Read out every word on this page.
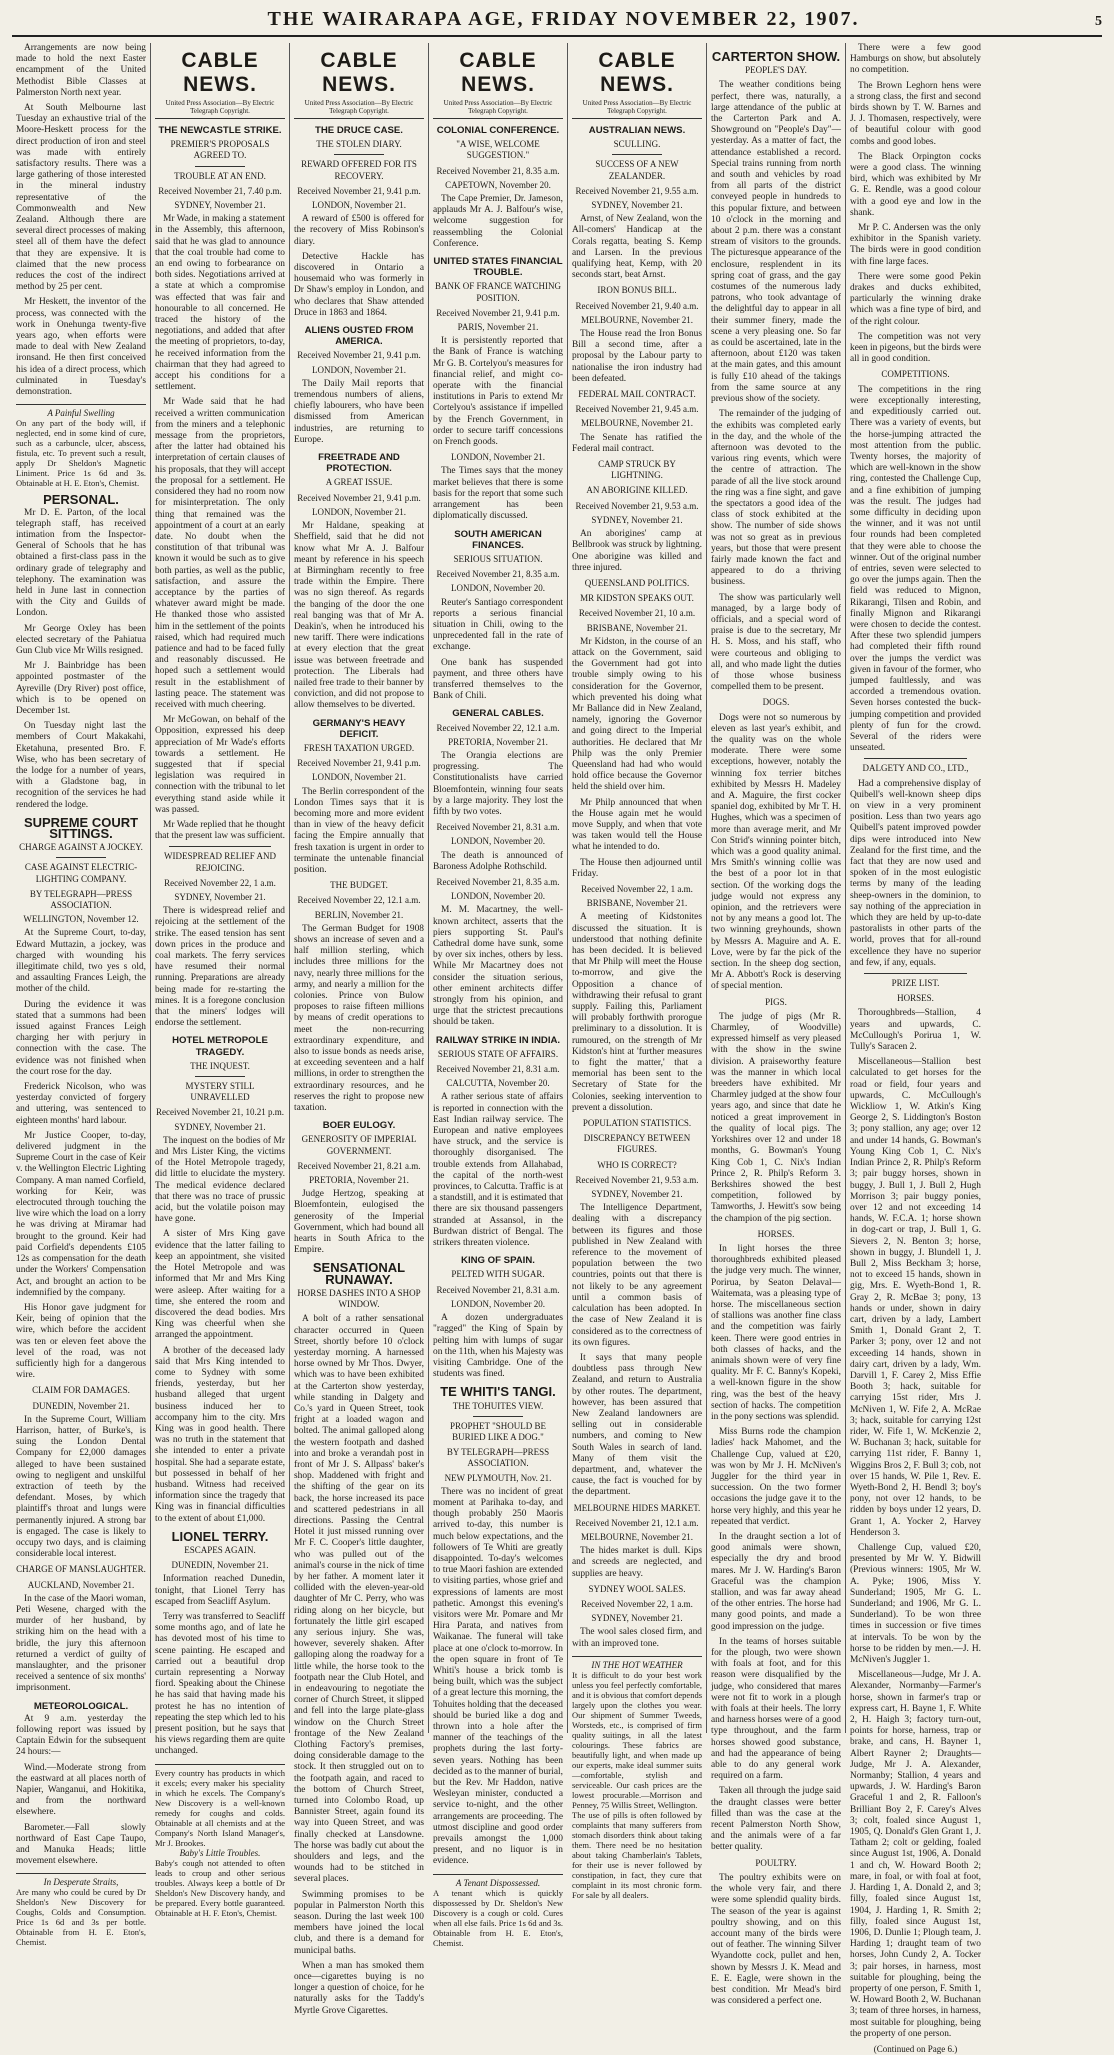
THE WAIRARAPA AGE, FRIDAY NOVEMBER 22, 1907.	5

Arrangements are now being made to hold the next Easter encampment of the United Methodist Bible Classes at Palmerston North next year.

At South Melbourne last Tuesday an exhaustive trial of the Moore-Heskett process for the direct production of iron and steel was made with entirely satisfactory results. There was a large gathering of those interested in the mineral industry representative of the Commonwealth and New Zealand. Although there are several direct processes of making steel all of them have the defect that they are expensive. It is claimed that the new process reduces the cost of the indirect method by 25 per cent.

Mr Heskett, the inventor of the process, was connected with the work in Onehunga twenty-five years ago, when efforts were made to deal with New Zealand ironsand. He then first conceived his idea of a direct process, which culminated in Tuesday's demonstration.

A Painful Swelling
On any part of the body will, if neglected, end in some kind of cure, such as a carbuncle, ulcer, abscess, fistula, etc. To prevent such a result, apply Dr Sheldon's Magnetic Liniment. Price 1s 6d and 3s. Obtainable at H. E. Eton's, Chemist.
PERSONAL.

Mr D. E. Parton, of the local telegraph staff, has received intimation from the Inspector-General of Schools that he has obtained a first-class pass in the ordinary grade of telegraphy and telephony. The examination was held in June last in connection with the City and Guilds of London.

Mr George Oxley has been elected secretary of the Pahiatua Gun Club vice Mr Wills resigned.

Mr J. Bainbridge has been appointed postmaster of the Ayreville (Dry River) post office, which is to be opened on December 1st.

On Tuesday night last the members of Court Makakahi, Eketahuna, presented Bro. F. Wise, who has been secretary of the lodge for a number of years, with a Gladstone bag, in recognition of the services he had rendered the lodge.

SUPREME COURT SITTINGS.
CHARGE AGAINST A JOCKEY.
CASE AGAINST ELECTRIC-LIGHTING COMPANY.
BY TELEGRAPH—PRESS ASSOCIATION.
WELLINGTON, November 12.

At the Supreme Court, to-day, Edward Muttazin, a jockey, was charged with wounding his illegitimate child, two yes s old, and assaulting Frances Leigh, the mother of the child.

During the evidence it was stated that a summons had been issued against Frances Leigh charging her with perjury in connection with the case. The evidence was not finished when the court rose for the day.

Frederick Nicolson, who was yesterday convicted of forgery and uttering, was sentenced to eighteen months' hard labour.

Mr Justice Cooper, to-day, delivered judgment in the Supreme Court in the case of Keir v. the Wellington Electric Lighting Company. A man named Corfield, working for Keir, was electrocuted through touching the live wire which the load on a lorry he was driving at Miramar had brought to the ground. Keir had paid Corfield's dependents £105 12s as compensation for the death under the Workers' Compensation Act, and brought an action to be indemnified by the company.

His Honor gave judgment for Keir, being of opinion that the wire, which before the accident was ten or eleven feet above the level of the road, was not sufficiently high for a dangerous wire.

CLAIM FOR DAMAGES.
DUNEDIN, November 21.

In the Supreme Court, William Harrison, hatter, of Burke's, is suing the London Dental Company for £2,000 damages alleged to have been sustained owing to negligent and unskilful extraction of teeth by the defendant. Moses, by which plaintiff's throat and lungs were permanently injured. A strong bar is engaged. The case is likely to occupy two days, and is claiming considerable local interest.

CHARGE OF MANSLAUGHTER.
AUCKLAND, November 21.

In the case of the Maori woman, Peti Wesene, charged with the murder of her husband, by striking him on the head with a bridle, the jury this afternoon returned a verdict of guilty of manslaughter, and the prisoner received a sentence of six months' imprisonment.

METEOROLOGICAL.

At 9 a.m. yesterday the following report was issued by Captain Edwin for the subsequent 24 hours:—

Wind.—Moderate strong from the eastward at all places north of Napier, Wanganui, and Hokitika, and from the northward elsewhere.

Barometer.—Fall slowly northward of East Cape Taupo, and Manuka Heads; little movement elsewhere.

In Desperate Straits,
Are many who could be cured by Dr Sheldon's New Discovery for Coughs, Colds and Consumption. Price 1s 6d and 3s per bottle. Obtainable from H. E. Eton's, Chemist.
CABLE NEWS.
United Press Association—By Electric Telegraph Copyright.
THE NEWCASTLE STRIKE.
PREMIER'S PROPOSALS AGREED TO.
TROUBLE AT AN END.
Received November 21, 7.40 p.m.
SYDNEY, November 21.

Mr Wade, in making a statement in the Assembly, this afternoon, said that he was glad to announce that the coal trouble had come to an end owing to forbearance on both sides. Negotiations arrived at a state at which a compromise was effected that was fair and honourable to all concerned. He traced the history of the negotiations, and added that after the meeting of proprietors, to-day, he received information from the chairman that they had agreed to accept his conditions for a settlement.

Mr Wade said that he had received a written communication from the miners and a telephonic message from the proprietors, after the latter had obtained his interpretation of certain clauses of his proposals, that they will accept the proposal for a settlement. He considered they had no room now for misinterpretation. The only thing that remained was the appointment of a court at an early date. No doubt when the constitution of that tribunal was known it would be such as to give both parties, as well as the public, satisfaction, and assure the acceptance by the parties of whatever award might be made. He thanked those who assisted him in the settlement of the points raised, which had required much patience and had to be faced fully and reasonably discussed. He hoped such a settlement would result in the establishment of lasting peace. The statement was received with much cheering.

Mr McGowan, on behalf of the Opposition, expressed his deep appreciation of Mr Wade's efforts towards a settlement. He suggested that if special legislation was required in connection with the tribunal to let everything stand aside while it was passed.

Mr Wade replied that he thought that the present law was sufficient.

WIDESPREAD RELIEF AND REJOICING.
Received November 22, 1 a.m.
SYDNEY, November 21.

There is widespread relief and rejoicing at the settlement of the strike. The eased tension has sent down prices in the produce and coal markets. The ferry services have resumed their normal running. Preparations are already being made for re-starting the mines. It is a foregone conclusion that the miners' lodges will endorse the settlement.

HOTEL METROPOLE TRAGEDY.
THE INQUEST.
MYSTERY STILL UNRAVELLED
Received November 21, 10.21 p.m.
SYDNEY, November 21.

The inquest on the bodies of Mr and Mrs Lister King, the victims of the Hotel Metropole tragedy, did little to elucidate the mystery. The medical evidence declared that there was no trace of prussic acid, but the volatile poison may have gone.

A sister of Mrs King gave evidence that the latter failing to keep an appointment, she visited the Hotel Metropole and was informed that Mr and Mrs King were asleep. After waiting for a time, she entered the room and discovered the dead bodies. Mrs King was cheerful when she arranged the appointment.

A brother of the deceased lady said that Mrs King intended to come to Sydney with some friends, yesterday, but her husband alleged that urgent business induced her to accompany him to the city. Mrs King was in good health. There was no truth in the statement that she intended to enter a private hospital. She had a separate estate, but possessed in behalf of her husband. Witness had received information since the tragedy that King was in financial difficulties to the extent of about £1,000.

LIONEL TERRY.
ESCAPES AGAIN.
DUNEDIN, November 21.

Information reached Dunedin, tonight, that Lionel Terry has escaped from Seacliff Asylum.

Terry was transferred to Seacliff some months ago, and of late he has devoted most of his time to scene painting. He escaped and carried out a beautiful drop curtain representing a Norway fiord. Speaking about the Chinese he has said that having made his protest he has no intention of repeating the step which led to his present position, but he says that his views regarding them are quite unchanged.

Every country has products in which it excels; every maker his speciality in which he excels. The Company's New Discovery is a well-known remedy for coughs and colds. Obtainable at all chemists and at the Company's North Island Manager's, Mr J. Brookes.
Baby's Little Troubles.
Baby's cough not attended to often leads to croup and other serious troubles. Always keep a bottle of Dr Sheldon's New Discovery handy, and be prepared. Every bottle guaranteed. Obtainable at H. F. Eton's, Chemist.
CABLE NEWS.
United Press Association—By Electric Telegraph Copyright.
THE DRUCE CASE.
THE STOLEN DIARY.
REWARD OFFERED FOR ITS RECOVERY.
Received November 21, 9.41 p.m.
LONDON, November 21.

A reward of £500 is offered for the recovery of Miss Robinson's diary.

Detective Hackle has discovered in Ontario a housemaid who was formerly in Dr Shaw's employ in London, and who declares that Shaw attended Druce in 1863 and 1864.

ALIENS OUSTED FROM AMERICA.
Received November 21, 9.41 p.m.
LONDON, November 21.

The Daily Mail reports that tremendous numbers of aliens, chiefly labourers, who have been dismissed from American industries, are returning to Europe.

FREETRADE AND PROTECTION.
A GREAT ISSUE.
Received November 21, 9.41 p.m.
LONDON, November 21.

Mr Haldane, speaking at Sheffield, said that he did not know what Mr A. J. Balfour meant by reference in his speech at Birmingham recently to free trade within the Empire. There was no sign thereof. As regards the banging of the door the one real banging was that of Mr A. Deakin's, when he introduced his new tariff. There were indications at every election that the great issue was between freetrade and protection. The Liberals had nailed free trade to their banner by conviction, and did not propose to allow themselves to be diverted.

GERMANY'S HEAVY DEFICIT.
FRESH TAXATION URGED.
Received November 21, 9.41 p.m.
LONDON, November 21.

The Berlin correspondent of the London Times says that it is becoming more and more evident than in view of the heavy deficit facing the Empire annually that fresh taxation is urgent in order to terminate the untenable financial position.

THE BUDGET.
Received November 22, 12.1 a.m.
BERLIN, November 21.

The German Budget for 1908 shows an increase of seven and a half million sterling, which includes three millions for the navy, nearly three millions for the army, and nearly a million for the colonies. Prince von Bulow proposes to raise fifteen millions by means of credit operations to meet the non-recurring extraordinary expenditure, and also to issue bonds as needs arise, at exceeding seventeen and a half millions, in order to strengthen the extraordinary resources, and he reserves the right to propose new taxation.

BOER EULOGY.
GENEROSITY OF IMPERIAL GOVERNMENT.
Received November 21, 8.21 a.m.
PRETORIA, November 21.

Judge Hertzog, speaking at Bloemfontein, eulogised the generosity of the Imperial Government, which had bound all hearts in South Africa to the Empire.

SENSATIONAL RUNAWAY.
HORSE DASHES INTO A SHOP WINDOW.

A bolt of a rather sensational character occurred in Queen Street, shortly before 10 o'clock yesterday morning. A harnessed horse owned by Mr Thos. Dwyer, which was to have been exhibited at the Carterton show yesterday, while standing in Dalgety and Co.'s yard in Queen Street, took fright at a loaded wagon and bolted. The animal galloped along the western footpath and dashed into and broke a verandah post in front of Mr J. S. Allpass' baker's shop. Maddened with fright and the shifting of the gear on its back, the horse increased its pace and scattered pedestrians in all directions. Passing the Central Hotel it just missed running over Mr F. C. Cooper's little daughter, who was pulled out of the animal's course in the nick of time by her father. A moment later it collided with the eleven-year-old daughter of Mr C. Perry, who was riding along on her bicycle, but fortunately the little girl escaped any serious injury. She was, however, severely shaken. After galloping along the roadway for a little while, the horse took to the footpath near the Club Hotel, and in endeavouring to negotiate the corner of Church Street, it slipped and fell into the large plate-glass window on the Church Street frontage of the New Zealand Clothing Factory's premises, doing considerable damage to the stock. It then struggled out on to the footpath again, and raced to the bottom of Church Street, turned into Colombo Road, up Bannister Street, again found its way into Queen Street, and was finally checked at Lansdowne. The horse was badly cut about the shoulders and legs, and the wounds had to be stitched in several places.

Swimming promises to be popular in Palmerston North this season. During the last week 100 members have joined the local club, and there is a demand for municipal baths.

When a man has smoked them once—cigarettes buying is no longer a question of choice, for he naturally asks for the Taddy's Myrtle Grove Cigarettes.

CABLE NEWS.
United Press Association—By Electric Telegraph Copyright.
COLONIAL CONFERENCE.
"A WISE, WELCOME SUGGESTION."
Received November 21, 8.35 a.m.
CAPETOWN, November 20.

The Cape Premier, Dr. Jameson, applauds Mr A. J. Balfour's wise, welcome suggestion for reassembling the Colonial Conference.

UNITED STATES FINANCIAL TROUBLE.
BANK OF FRANCE WATCHING POSITION.
Received November 21, 9.41 p.m.
PARIS, November 21.

It is persistently reported that the Bank of France is watching Mr G. B. Cortelyou's measures for financial relief, and might co-operate with the financial institutions in Paris to extend Mr Cortelyou's assistance if impelled by the French Government, in order to secure tariff concessions on French goods.

LONDON, November 21.

The Times says that the money market believes that there is some basis for the report that some such arrangement has been diplomatically discussed.

SOUTH AMERICAN FINANCES.
SERIOUS SITUATION.
Received November 21, 8.35 a.m.
LONDON, November 20.

Reuter's Santiago correspondent reports a serious financial situation in Chili, owing to the unprecedented fall in the rate of exchange.

One bank has suspended payment, and three others have transferred themselves to the Bank of Chili.

GENERAL CABLES.
Received November 22, 12.1 a.m.
PRETORIA, November 21.

The Orangia elections are progressing. The Constitutionalists have carried Bloemfontein, winning four seats by a large majority. They lost the fifth by two votes.

Received November 21, 8.31 a.m.
LONDON, November 20.

The death is announced of Baroness Adolphe Rothschild.

Received November 21, 8.35 a.m.
LONDON, November 20.

M. M. Macartney, the well-known architect, asserts that the piers supporting St. Paul's Cathedral dome have sunk, some by over six inches, others by less. While Mr Macartney does not consider the situation serious, other eminent architects differ strongly from his opinion, and urge that the strictest precautions should be taken.

RAILWAY STRIKE IN INDIA.
SERIOUS STATE OF AFFAIRS.
Received November 21, 8.31 a.m.
CALCUTTA, November 20.

A rather serious state of affairs is reported in connection with the East Indian railway service. The European and native employees have struck, and the service is thoroughly disorganised. The trouble extends from Allahabad, the capital of the north-west provinces, to Calcutta. Traffic is at a standstill, and it is estimated that there are six thousand passengers stranded at Assansol, in the Burdwan district of Bengal. The strikers threaten violence.

KING OF SPAIN.
PELTED WITH SUGAR.
Received November 21, 8.31 a.m.
LONDON, November 20.

A dozen undergraduates "ragged" the King of Spain by pelting him with lumps of sugar on the 11th, when his Majesty was visiting Cambridge. One of the students was fined.

TE WHITI'S TANGI.
THE TOHUITES VIEW.
PROPHET "SHOULD BE BURIED LIKE A DOG."
BY TELEGRAPH—PRESS ASSOCIATION.
NEW PLYMOUTH, Nov. 21.

There was no incident of great moment at Parihaka to-day, and though probably 250 Maoris arrived to-day, this number is much below expectations, and the followers of Te Whiti are greatly disappointed. To-day's welcomes to true Maori fashion are extended to visiting parties, whose grief and expressions of laments are most pathetic. Amongst this evening's visitors were Mr. Pomare and Mr Hira Parata, and natives from Waikanae. The funeral will take place at one o'clock to-morrow. In the open square in front of Te Whiti's house a brick tomb is being built, which was the subject of a great lecture this morning, the Tohuites holding that the deceased should be buried like a dog and thrown into a hole after the manner of the teachings of the prophets during the last forty-seven years. Nothing has been decided as to the manner of burial, but the Rev. Mr Haddon, native Wesleyan minister, conducted a service to-night, and the other arrangements are proceeding. The utmost discipline and good order prevails amongst the 1,000 present, and no liquor is in evidence.

A Tenant Dispossessed.
A tenant which is quickly dispossessed by Dr. Sheldon's New Discovery is a cough or cold. Cures when all else fails. Price 1s 6d and 3s. Obtainable from H. E. Eton's, Chemist.
CABLE NEWS.
United Press Association—By Electric Telegraph Copyright.
AUSTRALIAN NEWS.
SCULLING.
SUCCESS OF A NEW ZEALANDER.
Received November 21, 9.55 a.m.
SYDNEY, November 21.

Arnst, of New Zealand, won the All-comers' Handicap at the Corals regatta, beating S. Kemp and Larsen. In the previous qualifying heat, Kemp, with 20 seconds start, beat Arnst.

IRON BONUS BILL.
Received November 21, 9.40 a.m.
MELBOURNE, November 21.

The House read the Iron Bonus Bill a second time, after a proposal by the Labour party to nationalise the iron industry had been defeated.

FEDERAL MAIL CONTRACT.
Received November 21, 9.45 a.m.
MELBOURNE, November 21.

The Senate has ratified the Federal mail contract.

CAMP STRUCK BY LIGHTNING.
AN ABORIGINE KILLED.
Received November 21, 9.53 a.m.
SYDNEY, November 21.

An aborigines' camp at Bellbrook was struck by lightning. One aborigine was killed and three injured.

QUEENSLAND POLITICS.
MR KIDSTON SPEAKS OUT.
Received November 21, 10 a.m.
BRISBANE, November 21.

Mr Kidston, in the course of an attack on the Government, said the Government had got into trouble simply owing to his consideration for the Governor, which prevented his doing what Mr Ballance did in New Zealand, namely, ignoring the Governor and going direct to the Imperial authorities. He declared that Mr Philp was the only Premier Queensland had had who would hold office because the Governor held the shield over him.

Mr Philp announced that when the House again met he would move Supply, and when that vote was taken would tell the House what he intended to do.

The House then adjourned until Friday.

Received November 22, 1 a.m.
BRISBANE, November 21.

A meeting of Kidstonites discussed the situation. It is understood that nothing definite has been decided. It is believed that Mr Philp will meet the House to-morrow, and give the Opposition a chance of withdrawing their refusal to grant supply. Failing this, Parliament will probably forthwith prorogue preliminary to a dissolution. It is rumoured, on the strength of Mr Kidston's hint at 'further measures to fight the matter,' that a memorial has been sent to the Secretary of State for the Colonies, seeking intervention to prevent a dissolution.

POPULATION STATISTICS.
DISCREPANCY BETWEEN FIGURES.
WHO IS CORRECT?
Received November 21, 9.53 a.m.
SYDNEY, November 21.

The Intelligence Department, dealing with a discrepancy between its figures and those published in New Zealand with reference to the movement of population between the two countries, points out that there is not likely to be any agreement until a common basis of calculation has been adopted. In the case of New Zealand it is considered as to the correctness of its own figures.

It says that many people doubtless pass through New Zealand, and return to Australia by other routes. The department, however, has been assured that New Zealand landowners are selling out in considerable numbers, and coming to New South Wales in search of land. Many of them visit the department, and, whatever the cause, the fact is vouched for by the department.

MELBOURNE HIDES MARKET.
Received November 21, 12.1 a.m.
MELBOURNE, November 21.

The hides market is dull. Kips and screeds are neglected, and supplies are heavy.

SYDNEY WOOL SALES.
Received November 22, 1 a.m.
SYDNEY, November 21.

The wool sales closed firm, and with an improved tone.

IN THE HOT WEATHER
It is difficult to do your best work unless you feel perfectly comfortable, and it is obvious that comfort depends largely upon the clothes you wear. Our shipment of Summer Tweeds, Worsteds, etc., is comprised of firm quality suitings, in all the latest colourings. These fabrics are beautifully light, and when made up our experts, make ideal summer suits—comfortable, stylish and serviceable. Our cash prices are the lowest procurable.—Morrison and Penney, 75 Willis Street, Wellington.
The use of pills is often followed by complaints that many sufferers from stomach disorders think about taking them. There need be no hesitation about taking Chamberlain's Tablets, for their use is never followed by constipation, in fact, they cure that complaint in its most chronic form. For sale by all dealers.
CARTERTON SHOW.
PEOPLE'S DAY.

The weather conditions being perfect, there was, naturally, a large attendance of the public at the Carterton Park and A. Showground on "People's Day"—yesterday. As a matter of fact, the attendance established a record. Special trains running from north and south and vehicles by road from all parts of the district conveyed people in hundreds to this popular fixture, and between 10 o'clock in the morning and about 2 p.m. there was a constant stream of visitors to the grounds. The picturesque appearance of the enclosure, resplendent in its spring coat of grass, and the gay costumes of the numerous lady patrons, who took advantage of the delightful day to appear in all their summer finery, made the scene a very pleasing one. So far as could be ascertained, late in the afternoon, about £120 was taken at the main gates, and this amount is fully £10 ahead of the takings from the same source at any previous show of the society.

The remainder of the judging of the exhibits was completed early in the day, and the whole of the afternoon was devoted to the various ring events, which were the centre of attraction. The parade of all the live stock around the ring was a fine sight, and gave the spectators a good idea of the class of stock exhibited at the show. The number of side shows was not so great as in previous years, but those that were present fairly made known the fact and appeared to do a thriving business.

The show was particularly well managed, by a large body of officials, and a special word of praise is due to the secretary, Mr H. S. Moss, and his staff, who were courteous and obliging to all, and who made light the duties of those whose business compelled them to be present.

DOGS.

Dogs were not so numerous by eleven as last year's exhibit, and the quality was on the whole moderate. There were some exceptions, however, notably the winning fox terrier bitches exhibited by Messrs H. Madeley and A. Maguire, the first cocker spaniel dog, exhibited by Mr T. H. Hughes, which was a specimen of more than average merit, and Mr Con Strid's winning pointer bitch, which was a good quality animal. Mrs Smith's winning collie was the best of a poor lot in that section. Of the working dogs the judge would not express any opinion, and the retrievers were not by any means a good lot. The two winning greyhounds, shown by Messrs A. Maguire and A. E. Love, were by far the pick of the section. In the sheep dog section, Mr A. Abbott's Rock is deserving of special mention.

PIGS.

The judge of pigs (Mr R. Charmley, of Woodville) expressed himself as very pleased with the show in the swine division. A praiseworthy feature was the manner in which local breeders have exhibited. Mr Charmley judged at the show four years ago, and since that date he noticed a great improvement in the quality of local pigs. The Yorkshires over 12 and under 18 months, G. Bowman's Young King Cob 1, C. Nix's Indian Prince 2, R. Philp's Reform 3. Berkshires showed the best competition, followed by Tamworths, J. Hewitt's sow being the champion of the pig section.

HORSES.

In light horses the three thoroughbreds exhibited pleased the judge very much. The winner, Porirua, by Seaton Delaval—Waitemata, was a pleasing type of horse. The miscellaneous section of stallions was another fine class and the competition was fairly keen. There were good entries in both classes of hacks, and the animals shown were of very fine quality. Mr F. C. Banny's Kopeki, a well-known figure in the show ring, was the best of the heavy section of hacks. The competition in the pony sections was splendid.

Miss Burns rode the champion ladies' hack Mahomet, and the Challenge Cup, valued at £20, was won by Mr J. H. McNiven's Juggler for the third year in succession. On the two former occasions the judge gave it to the horse very highly, and this year he repeated that verdict.

In the draught section a lot of good animals were shown, especially the dry and brood mares. Mr J. W. Harding's Baron Graceful was the champion stallion, and was far away ahead of the other entries. The horse had many good points, and made a good impression on the judge.

In the teams of horses suitable for the plough, two were shown with foals at foot, and for this reason were disqualified by the judge, who considered that mares were not fit to work in a plough with foals at their heels. The lorry and harness horses were of a good type throughout, and the farm horses showed good substance, and had the appearance of being able to do any general work required on a farm.

Taken all through the judge said the draught classes were better filled than was the case at the recent Palmerston North Show, and the animals were of a far better quality.

POULTRY.

The poultry exhibits were on the whole very fair, and there were some splendid quality birds. The season of the year is against poultry showing, and on this account many of the birds were out of feather. The winning Silver Wyandotte cock, pullet and hen, shown by Messrs J. K. Mead and E. E. Eagle, were shown in the best condition. Mr Mead's bird was considered a perfect one.

There were a few good Hamburgs on show, but absolutely no competition.

The Brown Leghorn hens were a strong class, the first and second birds shown by T. W. Barnes and J. J. Thomasen, respectively, were of beautiful colour with good combs and good lobes.

The Black Orpington cocks were a good class. The winning bird, which was exhibited by Mr G. E. Rendle, was a good colour with a good eye and low in the shank.

Mr P. C. Andersen was the only exhibitor in the Spanish variety. The birds were in good condition with fine large faces.

There were some good Pekin drakes and ducks exhibited, particularly the winning drake which was a fine type of bird, and of the right colour.

The competition was not very keen in pigeons, but the birds were all in good condition.

COMPETITIONS.

The competitions in the ring were exceptionally interesting, and expeditiously carried out. There was a variety of events, but the horse-jumping attracted the most attention from the public. Twenty horses, the majority of which are well-known in the show ring, contested the Challenge Cup, and a fine exhibition of jumping was the result. The judges had some difficulty in deciding upon the winner, and it was not until four rounds had been completed that they were able to choose the winner. Out of the original number of entries, seven were selected to go over the jumps again. Then the field was reduced to Mignon, Rikarangi, Tilsen and Robin, and finally Mignon and Rikarangi were chosen to decide the contest. After these two splendid jumpers had completed their fifth round over the jumps the verdict was given in favour of the former, who jumped faultlessly, and was accorded a tremendous ovation. Seven horses contested the buck-jumping competition and provided plenty of fun for the crowd. Several of the riders were unseated.

DALGETY AND CO., LTD.,

Had a comprehensive display of Quibell's well-known sheep dips on view in a very prominent position. Less than two years ago Quibell's patent improved powder dips were introduced into New Zealand for the first time, and the fact that they are now used and spoken of in the most eulogistic terms by many of the leading sheep-owners in the dominion, to say nothing of the appreciation in which they are held by up-to-date pastoralists in other parts of the world, proves that for all-round excellence they have no superior and few, if any, equals.

PRIZE LIST.
HORSES.

Thoroughbreds—Stallion, 4 years and upwards, C. McCullough's Porirua 1, W. Tully's Saracen 2.

Miscellaneous—Stallion best calculated to get horses for the road or field, four years and upwards, C. McCullough's Wickliow 1, W. Atkin's King George 2, S. Liddington's Boston 3; pony stallion, any age; over 12 and under 14 hands, G. Bowman's Young King Cob 1, C. Nix's Indian Prince 2, R. Philp's Reform 3; pair buggy horses, shown in buggy, J. Bull 1, J. Bull 2, Hugh Morrison 3; pair buggy ponies, over 12 and not exceeding 14 hands, W. F.C.A. 1; horse shown in dog-cart or trap, J. Bull 1, G. Sievers 2, N. Benton 3; horse, shown in buggy, J. Blundell 1, J. Bull 2, Miss Beckham 3; horse, not to exceed 15 hands, shown in gig, Mrs. E. Wyeth-Bond 1, R. Gray 2, R. McBae 3; pony, 13 hands or under, shown in dairy cart, driven by a lady, Lambert Smith 1, Donald Grant 2, T. Parker 3; pony, over 12 and not exceeding 14 hands, shown in dairy cart, driven by a lady, Wm. Darvill 1, F. Carey 2, Miss Effie Booth 3; hack, suitable for carrying 15st rider, Mrs J. McNiven 1, W. Fife 2, A. McRae 3; hack, suitable for carrying 12st rider, W. Fife 1, W. McKenzie 2, W. Buchanan 3; hack, suitable for carrying 11st rider, F. Banny 1, Wiggins Bros 2, F. Bull 3; cob, not over 15 hands, W. Pile 1, Rev. E. Wyeth-Bond 2, H. Bendl 3; boy's pony, not over 12 hands, to be ridden by boys under 12 years, D. Grant 1, A. Yocker 2, Harvey Henderson 3.

Challenge Cup, valued £20, presented by Mr W. Y. Bidwill (Previous winners: 1905, Mr W. A. Pyke; 1906, Miss Y. Sunderland; 1905, Mr G. L. Sunderland; and 1906, Mr G. L. Sunderland). To be won three times in succession or five times at intervals. To be won by the horse to be ridden by men.—J. H. McNiven's Juggler 1.

Miscellaneous—Judge, Mr J. A. Alexander, Normanby—Farmer's horse, shown in farmer's trap or express cart, H. Bayne 1, F. White 2, H. Haigh 3; factory turn-out, points for horse, harness, trap or brake, and cans, H. Bayner 1, Albert Rayner 2; Draughts—Judge, Mr J. A. Alexander, Normanby; Stallion, 4 years and upwards, J. W. Harding's Baron Graceful 1 and 2, R. Falloon's Brilliant Boy 2, F. Carey's Alves 3; colt, foaled since August 1, 1905, Q. Donald's Glen Grant 1, J. Tatham 2; colt or gelding, foaled since August 1st, 1906, A. Donald 1 and ch, W. Howard Booth 2; mare, in foal, or with foal at foot, J. Harding 1, A. Donald 2, and 3; filly, foaled since August 1st, 1904, J. Harding 1, R. Smith 2; filly, foaled since August 1st, 1906, D. Dunlie 1; Plough team, J. Harding 1; draught team of two horses, John Cundy 2, A. Tocker 3; pair horses, in harness, most suitable for ploughing, being the property of one person, F. Smith 1, W. Howard Booth 2, W. Buchanan 3; team of three horses, in harness, most suitable for ploughing, being the property of one person.

(Continued on Page 6.)
